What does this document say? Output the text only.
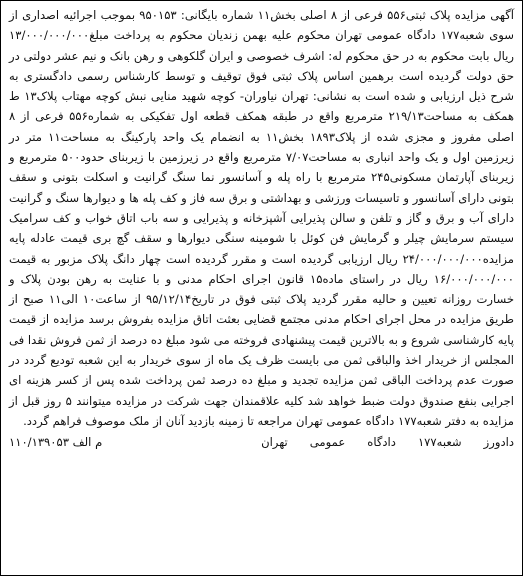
آگهی مزایده پلاک ثبتی۵۵۶ فرعی از ۸ اصلی بخش۱۱ شماره بایگانی: ۹۵۰۱۵۳ بموجب اجرائیه اصداری از سوی شعبه۱۷۷ دادگاه عمومی تهران محکوم علیه بهمن زندیان محکوم به پرداخت مبلغ۱۳/۰۰۰/۰۰۰/۰۰۰ ریال بابت محکوم به در حق محکوم له: اشرف خصوصی و ایران گلکوهی و رهن بانک و نیم عشر دولتی در حق دولت گردیده است برهمین اساس پلاک ثبتی فوق توقیف و توسط کارشناس رسمی دادگستری به شرح ذیل ارزیابی و شده است به نشانی: تهران نیاوران- کوچه شهید منایی نبش کوچه مهتاب پلاک۱۳ ط همکف به مساحت۲۱۹/۱۳ مترمربع واقع در طبقه همکف قطعه اول تفکیکی به شماره۵۵۶ فرعی از ۸ اصلی مفروز و مجزی شده از پلاک۱۸۹۳ بخش۱۱ به انضمام یک واحد پارکینگ به مساحت۱۱ متر در زیرزمین اول و یک واحد انباری به مساحت۷/۰۷ مترمربع واقع در زیرزمین با زیربنای حدود۵۰۰ مترمربع و زیربنای آپارتمان مسکونی۲۴۵ مترمربع با راه پله و آسانسور نما سنگ گرانیت و اسکلت بتونی و سقف بتونی دارای آسانسور و تاسیسات ورزشی و بهداشتی و برق سه فاز و کف پله ها و دیوارها سنگ و گرانیت دارای آب و برق و گاز و تلفن و سالن پذیرایی آشپزخانه و پذیرایی و سه باب اتاق خواب و کف سرامیک سیستم سرمایش چیلر و گرمایش فن کوئل با شومینه سنگی دیوارها و سقف گچ بری قیمت عادله پایه مزایده۲۴/۰۰۰/۰۰۰/۰۰۰ ریال ارزیابی گردیده است و مقرر گردیده است چهار دانگ پلاک مزبور به قیمت ۱۶/۰۰۰/۰۰۰/۰۰۰ ریال در راستای ماده۱۵ قانون اجرای احکام مدنی و با عنایت به رهن بودن پلاک و خسارت روزانه تعیین و حالیه مقرر گردید پلاک ثبتی فوق در تاریخ۹۵/۱۲/۱۴ از ساعت۱۰ الی۱۱ صبح از طریق مزایده در محل اجرای احکام مدنی مجتمع قضایی بعثت اتاق مزایده بفروش برسد مزایده از قیمت پایه کارشناسی شروع و به بالاترین قیمت پیشنهادی فروخته می شود مبلغ ده درصد از ثمن فروش نقدا فی المجلس از خریدار اخذ والباقی ثمن می بایست ظرف یک ماه از سوی خریدار به این شعبه تودیع گردد در صورت عدم پرداخت الباقی ثمن مزایده تجدید و مبلغ ده درصد ثمن پرداخت شده پس از کسر هزینه ای اجرایی بنفع صندوق دولت ضبط خواهد شد کلیه علاقمندان جهت شرکت در مزایده میتوانند ۵ روز قبل از مزایده به دفتر شعبه۱۷۷ دادگاه عمومی تهران مراجعه تا زمینه بازدید آنان از ملک موصوف فراهم گردد.

دادورز
شعبه۱۷۷
دادگاه
عمومی
تهران
۱۱۰/۱۳۹۰۵۳ م الف
